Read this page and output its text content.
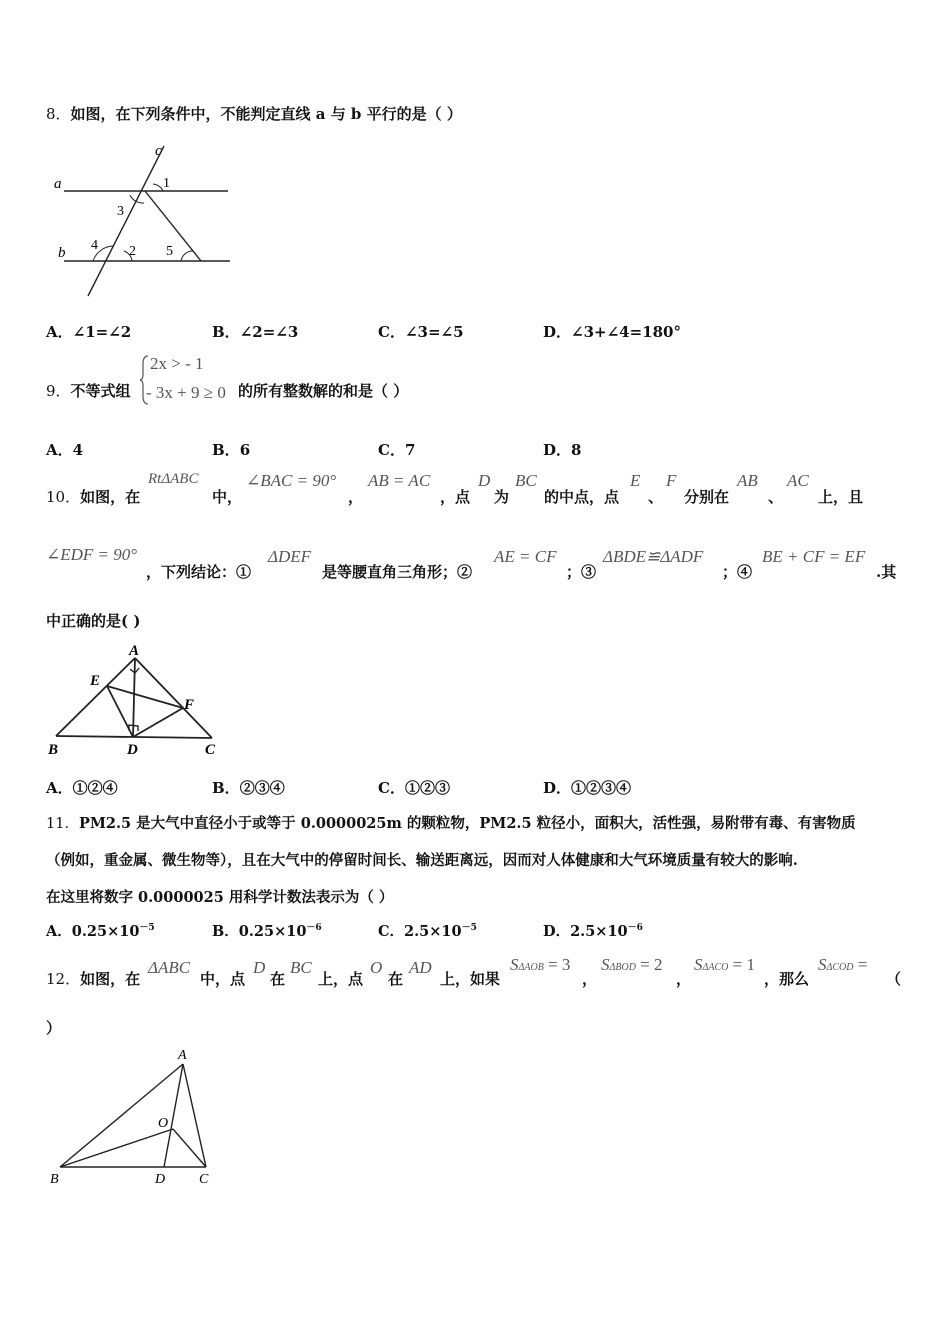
8．如图，在下列条件中，不能判定直线 a 与 b 平行的是（ ）
a
b
c
1
3
4 2 5
A．∠1=∠2	B．∠2=∠3	C．∠3=∠5	D．∠3+∠4=180°
9．不等式组
2x > - 1
- 3x + 9 ≥ 0 的所有整数解的和是（ ）
A．4	B．6	C．7	D．8
10．如图，在
RtΔABC
中，
∠BAC = 90°
，
AB = AC
，点
D
为
BC
的中点，点
E
、
F
分别在
AB
、
AC
上，且
∠EDF = 90°
，下列结论：①
ΔDEF
是等腰直角三角形；②
AE = CF
；③
ΔBDE≌ΔADF
；④
BE + CF = EF
.其
中正确的是( )
A
E
F
B	D	C
A．①②④	B．②③④	C．①②③	D．①②③④
11．PM2.5 是大气中直径小于或等于 0.0000025m 的颗粒物，PM2.5 粒径小，面积大，活性强，易附带有毒、有害物质
（例如，重金属、微生物等），且在大气中的停留时间长、输送距离远，因而对人体健康和大气环境质量有较大的影响.
在这里将数字 0.0000025 用科学计数法表示为（ ）
A．$0.25\times 10^{-5}$	B．$0.25\times 10^{-6}$	C．$2.5\times 10^{-5}$	D．$2.5\times 10^{-6}$
12．如图，在
ΔABC
中，点
D
在
BC
上，点
O
在
AD
上，如果
SΔAOB = 3
，
SΔBOD = 2
，
SΔACO = 1
，那么
SΔCOD =
（
）
A
O
B	D C
